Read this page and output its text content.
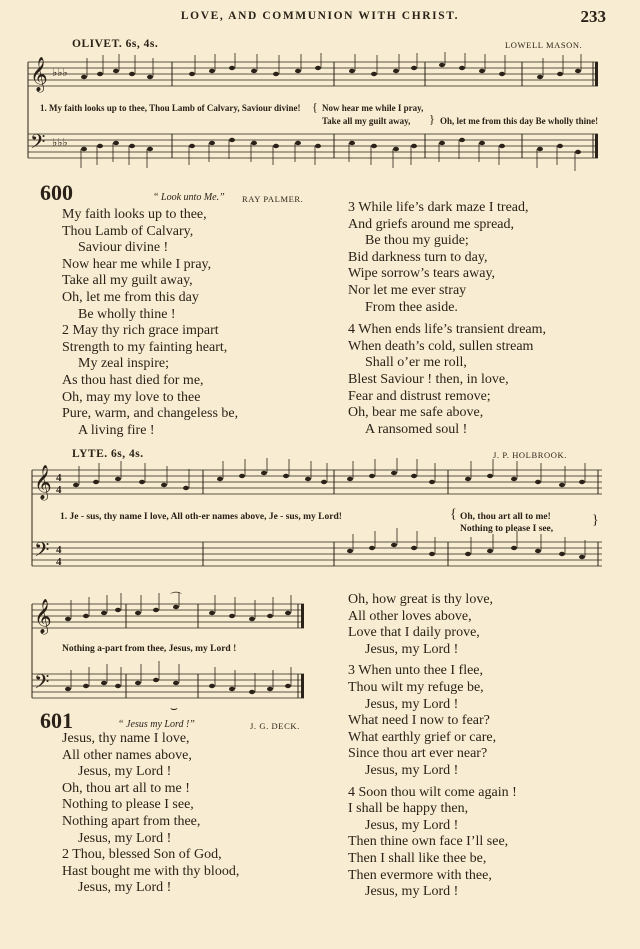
LOVE, AND COMMUNION WITH CHRIST.	233
OLIVET. 6s, 4s.	LOWELL MASON.
𝄞
𝄢
♭♭♭
♭♭♭
1. My faith looks up to thee, Thou Lamb of Calvary, Saviour divine! { Now hear me while I pray,
Take all my guilt away, } Oh, let me from this day Be wholly thine!
600	“ Look unto Me.” RAY PALMER.
My faith looks up to thee,
Thou Lamb of Calvary,
Saviour divine !
Now hear me while I pray,
Take all my guilt away,
Oh, let me from this day
Be wholly thine !
2 May thy rich grace impart
Strength to my fainting heart,
My zeal inspire;
As thou hast died for me,
Oh, may my love to thee
Pure, warm, and changeless be,
A living fire !
3 While life’s dark maze I tread,
And griefs around me spread,
Be thou my guide;
Bid darkness turn to day,
Wipe sorrow’s tears away,
Nor let me ever stray
From thee aside.
4 When ends life’s transient dream,
When death’s cold, sullen stream
Shall o’er me roll,
Blest Saviour ! then, in love,
Fear and distrust remove;
Oh, bear me safe above,
A ransomed soul !
LYTE. 6s, 4s.	J. P. HOLBROOK.
𝄞
𝄢
4
4
4
4
1. Je - sus, thy name I love, All oth-er names above, Je - sus, my Lord!	{ Oh, thou art all to me!
Nothing to please I see,
}
𝄞
𝄢
⌒
⌣
Nothing a-part from thee, Jesus, my Lord !
601	“ Jesus my Lord !”	J. G. DECK.
Jesus, thy name I love,
All other names above,
Jesus, my Lord !
Oh, thou art all to me !
Nothing to please I see,
Nothing apart from thee,
Jesus, my Lord !
2 Thou, blessed Son of God,
Hast bought me with thy blood,
Jesus, my Lord !
Oh, how great is thy love,
All other loves above,
Love that I daily prove,
Jesus, my Lord !
3 When unto thee I flee,
Thou wilt my refuge be,
Jesus, my Lord !
What need I now to fear?
What earthly grief or care,
Since thou art ever near?
Jesus, my Lord !
4 Soon thou wilt come again !
I shall be happy then,
Jesus, my Lord !
Then thine own face I’ll see,
Then I shall like thee be,
Then evermore with thee,
Jesus, my Lord !
